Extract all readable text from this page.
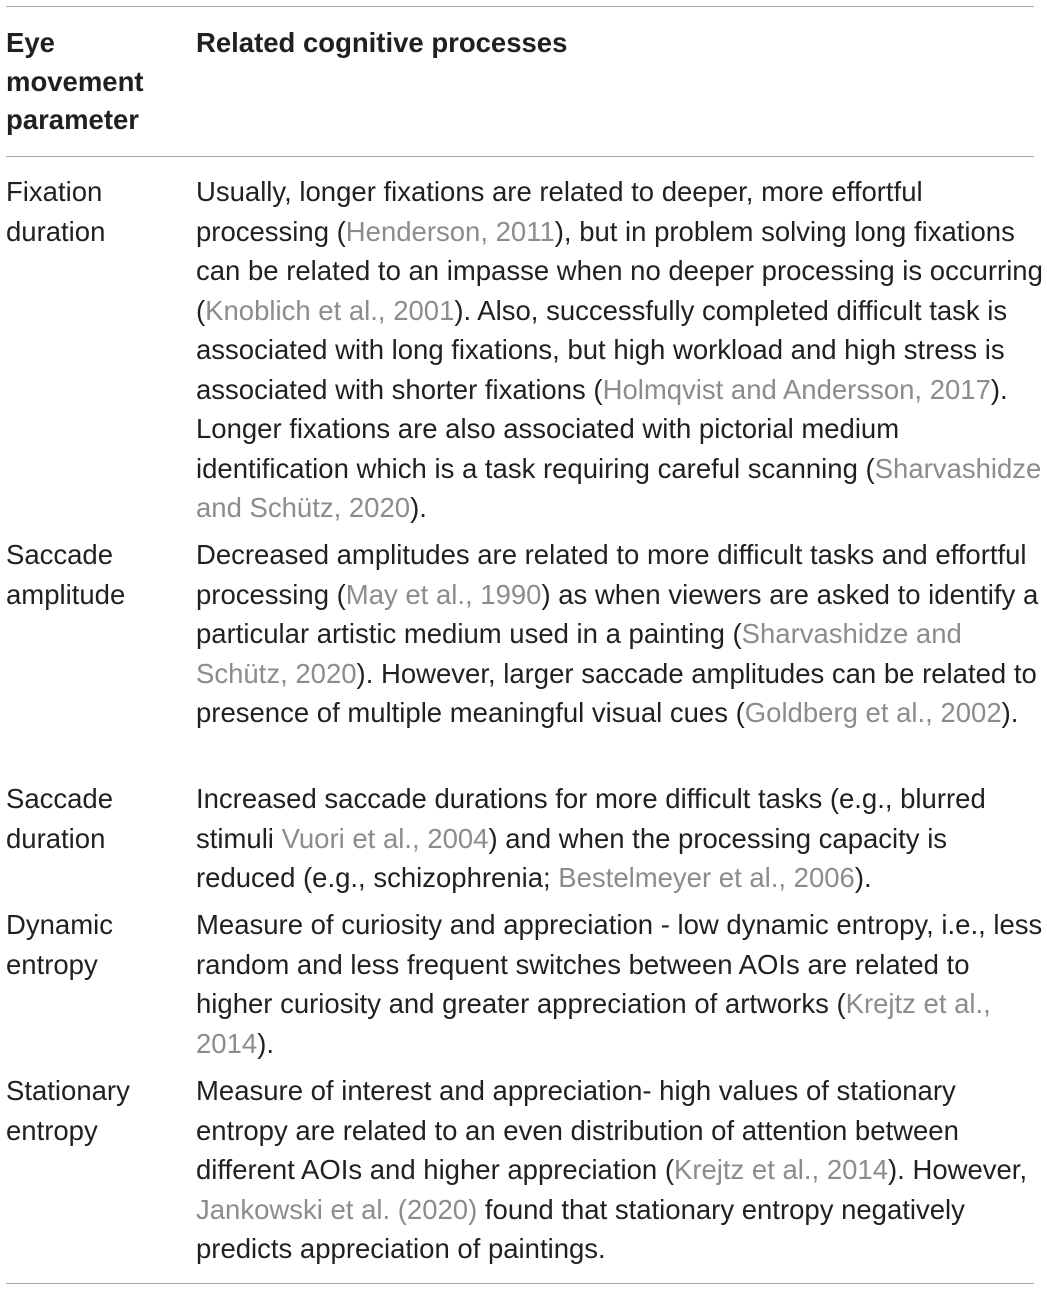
Eye movement parameter

Related cognitive processes

Fixation duration

Usually, longer fixations are related to deeper, more effortful processing (Henderson, 2011), but in problem solving long fixations can be related to an impasse when no deeper processing is occurring (Knoblich et al., 2001). Also, successfully completed difficult task is associated with long fixations, but high workload and high stress is associated with shorter fixations (Holmqvist and Andersson, 2017). Longer fixations are also associated with pictorial medium identification which is a task requiring careful scanning (Sharvashidze and Schütz, 2020).

Saccade amplitude

Decreased amplitudes are related to more difficult tasks and effortful processing (May et al., 1990) as when viewers are asked to identify a particular artistic medium used in a painting (Sharvashidze and Schütz, 2020). However, larger saccade amplitudes can be related to presence of multiple meaningful visual cues (Goldberg et al., 2002).

Saccade duration

Increased saccade durations for more difficult tasks (e.g., blurred stimuli Vuori et al., 2004) and when the processing capacity is reduced (e.g., schizophrenia; Bestelmeyer et al., 2006).

Dynamic entropy

Measure of curiosity and appreciation - low dynamic entropy, i.e., less random and less frequent switches between AOIs are related to higher curiosity and greater appreciation of artworks (Krejtz et al., 2014).

Stationary entropy

Measure of interest and appreciation- high values of stationary entropy are related to an even distribution of attention between different AOIs and higher appreciation (Krejtz et al., 2014). However, Jankowski et al. (2020) found that stationary entropy negatively predicts appreciation of paintings.
